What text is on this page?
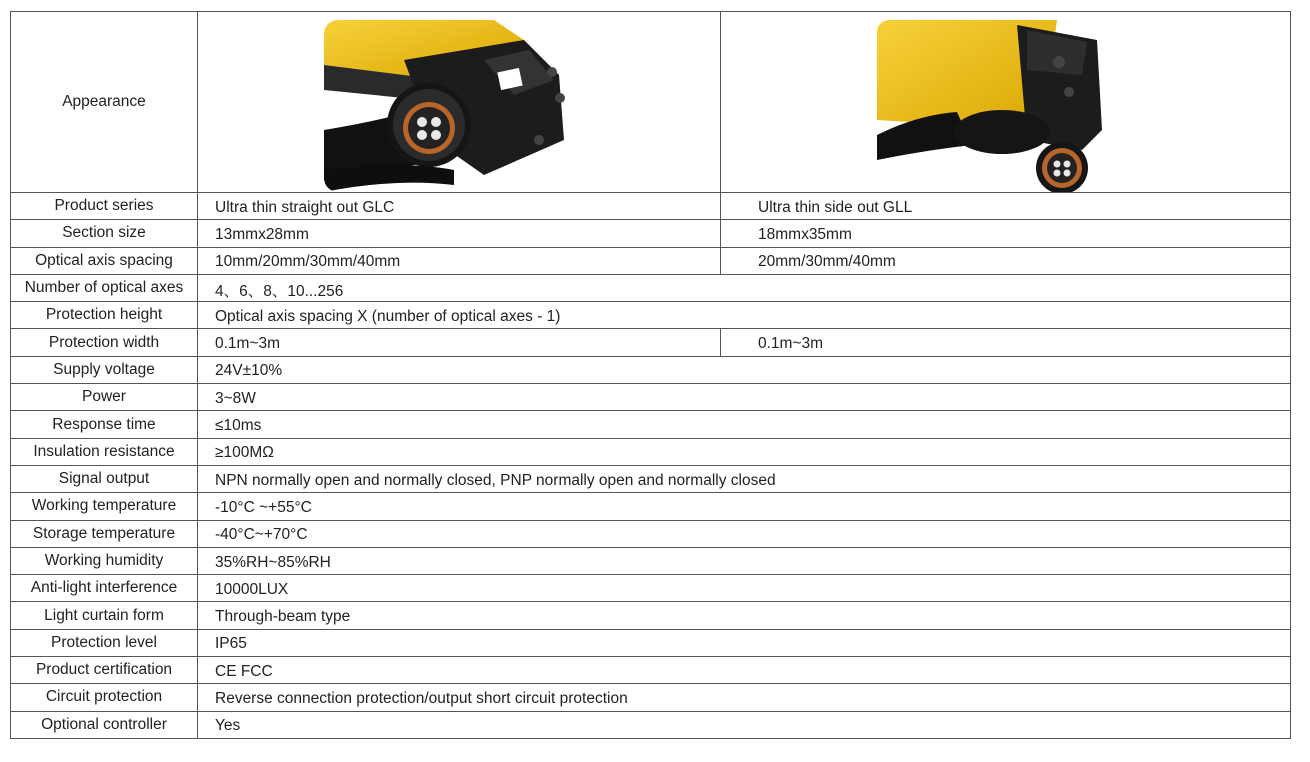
Appearance	

Product series	Ultra thin straight out GLC	Ultra thin side out GLL
Section size	13mmx28mm	18mmx35mm
Optical axis spacing	10mm/20mm/30mm/40mm	20mm/30mm/40mm
Number of optical axes	4、6、8、10...256	
Protection height	Optical axis spacing X (number of optical axes - 1)	
Protection width	0.1m~3m	0.1m~3m
Supply voltage	24V±10%	
Power	3~8W	
Response time	≤10ms	
Insulation resistance	≥100MΩ	
Signal output	NPN normally open and normally closed, PNP normally open and normally closed	
Working temperature	-10°C ~+55°C	
Storage temperature	-40°C~+70°C	
Working humidity	35%RH~85%RH	
Anti-light interference	10000LUX	
Light curtain form	Through-beam type	
Protection level	IP65	
Product certification	CE FCC	
Circuit protection	Reverse connection protection/output short circuit protection	
Optional controller	Yes	
